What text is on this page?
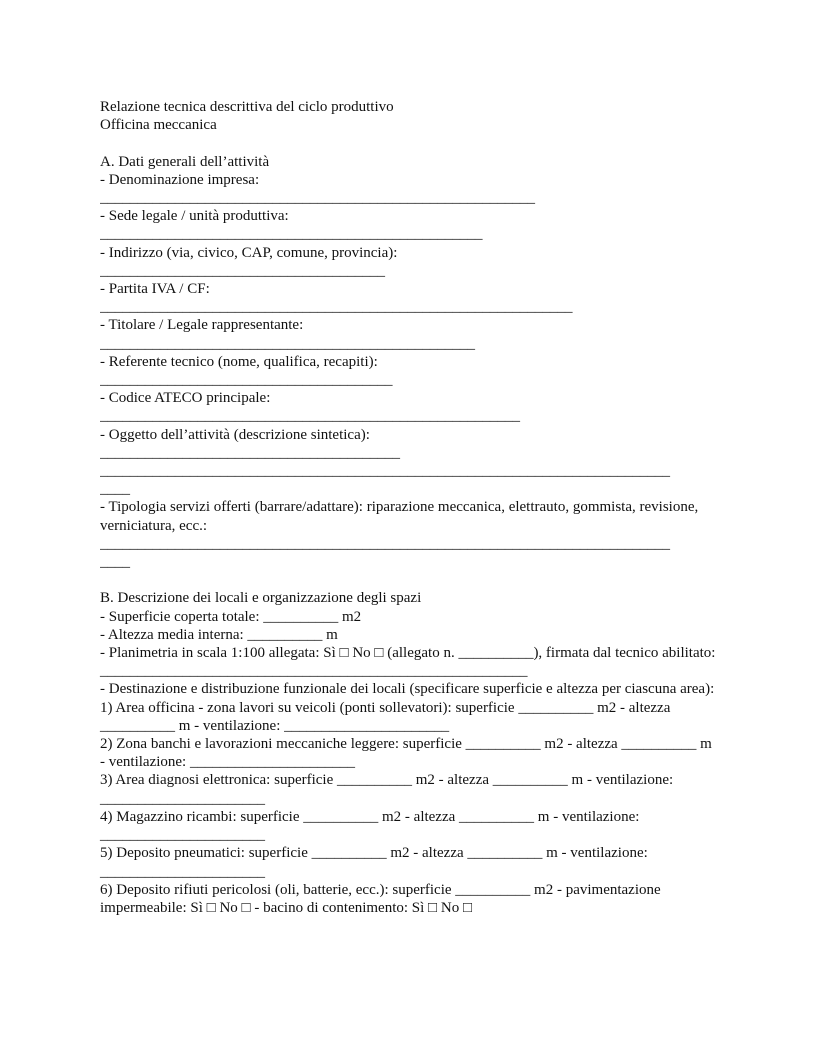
Relazione tecnica descrittiva del ciclo produttivo
Officina meccanica
A. Dati generali dell’attività
- Denominazione impresa:
__________________________________________________________
- Sede legale / unità produttiva:
___________________________________________________
- Indirizzo (via, civico, CAP, comune, provincia):
______________________________________
- Partita IVA / CF:
_______________________________________________________________
- Titolare / Legale rappresentante:
__________________________________________________
- Referente tecnico (nome, qualifica, recapiti):
_______________________________________
- Codice ATECO principale:
________________________________________________________
- Oggetto dell’attività (descrizione sintetica):
________________________________________
____________________________________________________________________________
____
- Tipologia servizi offerti (barrare/adattare): riparazione meccanica, elettrauto, gommista, revisione, verniciatura, ecc.:
____________________________________________________________________________
____
B. Descrizione dei locali e organizzazione degli spazi
- Superficie coperta totale: __________ m2
- Altezza media interna: __________ m
- Planimetria in scala 1:100 allegata: Sì □ No □ (allegato n. __________), firmata dal tecnico abilitato: _________________________________________________________
- Destinazione e distribuzione funzionale dei locali (specificare superficie e altezza per ciascuna area):
1) Area officina - zona lavori su veicoli (ponti sollevatori): superficie __________ m2 - altezza __________ m - ventilazione: ______________________
2) Zona banchi e lavorazioni meccaniche leggere: superficie __________ m2 - altezza __________ m - ventilazione: ______________________
3) Area diagnosi elettronica: superficie __________ m2 - altezza __________ m - ventilazione: ______________________
4) Magazzino ricambi: superficie __________ m2 - altezza __________ m - ventilazione: ______________________
5) Deposito pneumatici: superficie __________ m2 - altezza __________ m - ventilazione: ______________________
6) Deposito rifiuti pericolosi (oli, batterie, ecc.): superficie __________ m2 - pavimentazione impermeabile: Sì □ No □ - bacino di contenimento: Sì □ No □
